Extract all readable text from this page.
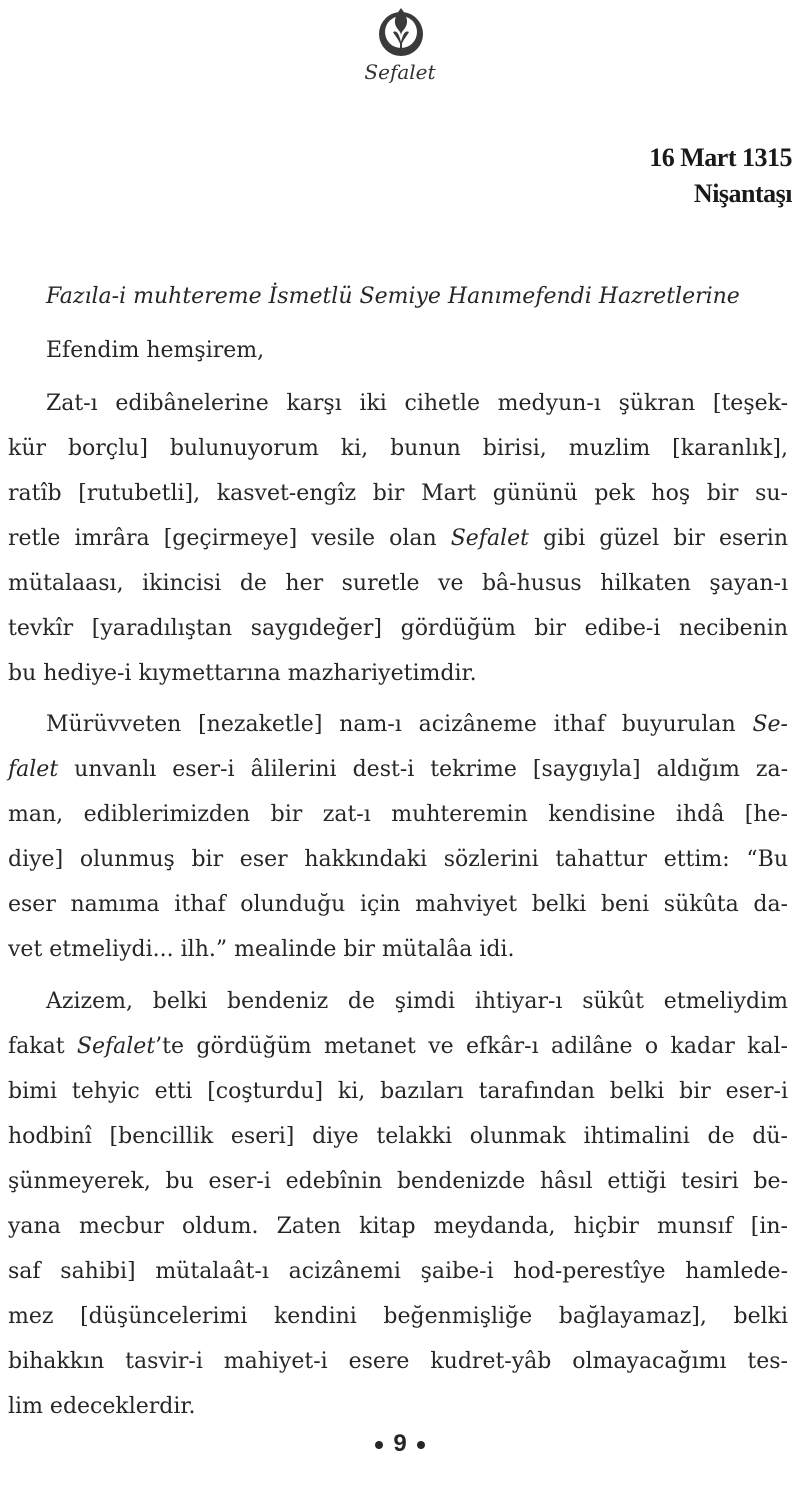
Sefalet
16 Mart 1315
Nişantaşı
Fazıla-i muhtereme İsmetlü Semiye Hanımefendi Hazretlerine
Efendim hemşirem,
Zat-ı edibânelerine karşı iki cihetle medyun-ı şükran [teşek-
kür borçlu] bulunuyorum ki, bunun birisi, muzlim [karanlık],
ratîb [rutubetli], kasvet-engîz bir Mart gününü pek hoş bir su-
retle imrâra [geçirmeye] vesile olan Sefalet gibi güzel bir eserin
mütalaası, ikincisi de her suretle ve bâ-husus hilkaten şayan-ı
tevkîr [yaradılıştan saygıdeğer] gördüğüm bir edibe-i necibenin
bu hediye-i kıymettarına mazhariyetimdir.
Mürüvveten [nezaketle] nam-ı acizâneme ithaf buyurulan Se-
falet unvanlı eser-i âlilerini dest-i tekrime [saygıyla] aldığım za-
man, ediblerimizden bir zat-ı muhteremin kendisine ihdâ [he-
diye] olunmuş bir eser hakkındaki sözlerini tahattur ettim: “Bu
eser namıma ithaf olunduğu için mahviyet belki beni sükûta da-
vet etmeliydi... ilh.” mealinde bir mütalâa idi.
Azizem, belki bendeniz de şimdi ihtiyar-ı sükût etmeliydim
fakat Sefalet’te gördüğüm metanet ve efkâr-ı adilâne o kadar kal-
bimi tehyic etti [coşturdu] ki, bazıları tarafından belki bir eser-i
hodbinî [bencillik eseri] diye telakki olunmak ihtimalini de dü-
şünmeyerek, bu eser-i edebînin bendenizde hâsıl ettiği tesiri be-
yana mecbur oldum. Zaten kitap meydanda, hiçbir munsıf [in-
saf sahibi] mütalaât-ı acizânemi şaibe-i hod-perestîye hamlede-
mez [düşüncelerimi kendini beğenmişliğe bağlayamaz], belki
bihakkın tasvir-i mahiyet-i esere kudret-yâb olmayacağımı tes-
lim edeceklerdir.
9
